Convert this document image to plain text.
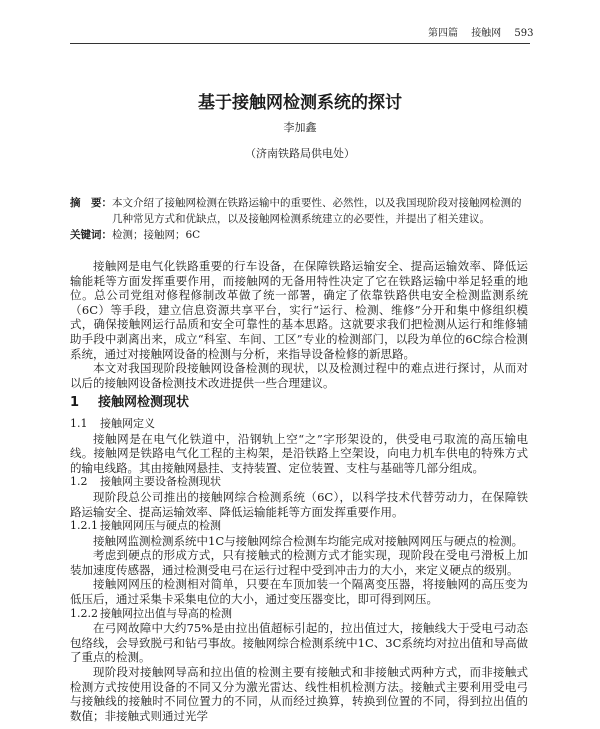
第四篇 接触网 593
基于接触网检测系统的探讨
李加鑫
（济南铁路局供电处）
摘　要： 本文介绍了接触网检测在铁路运输中的重要性、必然性，以及我国现阶段对接触网检测的几种常见方式和优缺点，以及接触网检测系统建立的必要性，并提出了相关建议。
关键词： 检测；接触网；6C

接触网是电气化铁路重要的行车设备，在保障铁路运输安全、提高运输效率、降低运输能耗等方面发挥重要作用，而接触网的无备用特性决定了它在铁路运输中举足轻重的地位。总公司党组对修程修制改革做了统一部署，确定了依靠铁路供电安全检测监测系统（6C）等手段，建立信息资源共享平台，实行“运行、检测、维修”分开和集中修组织模式，确保接触网运行品质和安全可靠性的基本思路。这就要求我们把检测从运行和维修辅助手段中剥离出来，成立“科室、车间、工区”专业的检测部门，以段为单位的6C综合检测系统，通过对接触网设备的检测与分析，来指导设备检修的新思路。

本文对我国现阶段接触网设备检测的现状，以及检测过程中的难点进行探讨，从而对以后的接触网设备检测技术改进提供一些合理建议。

1 接触网检测现状
1.1 接触网定义

接触网是在电气化铁道中，沿钢轨上空“之”字形架设的，供受电弓取流的高压输电线。接触网是铁路电气化工程的主构架，是沿铁路上空架设，向电力机车供电的特殊方式的输电线路。其由接触网悬挂、支持装置、定位装置、支柱与基础等几部分组成。

1.2 接触网主要设备检测现状

现阶段总公司推出的接触网综合检测系统（6C），以科学技术代替劳动力，在保障铁路运输安全、提高运输效率、降低运输能耗等方面发挥重要作用。

1.2.1 接触网网压与硬点的检测

接触网监测检测系统中1C与接触网综合检测车均能完成对接触网网压与硬点的检测。

考虑到硬点的形成方式，只有接触式的检测方式才能实现，现阶段在受电弓滑板上加装加速度传感器，通过检测受电弓在运行过程中受到冲击力的大小，来定义硬点的级别。

接触网网压的检测相对简单，只要在车顶加装一个隔离变压器，将接触网的高压变为低压后，通过采集卡采集电位的大小，通过变压器变比，即可得到网压。

1.2.2 接触网拉出值与导高的检测

在弓网故障中大约75%是由拉出值超标引起的，拉出值过大，接触线大于受电弓动态包络线，会导致脱弓和钻弓事故。接触网综合检测系统中1C、3C系统均对拉出值和导高做了重点的检测。

现阶段对接触网导高和拉出值的检测主要有接触式和非接触式两种方式，而非接触式检测方式按使用设备的不同又分为激光雷达、线性相机检测方法。接触式主要利用受电弓与接触线的接触时不同位置力的不同，从而经过换算，转换到位置的不同，得到拉出值的数值；非接触式则通过光学
